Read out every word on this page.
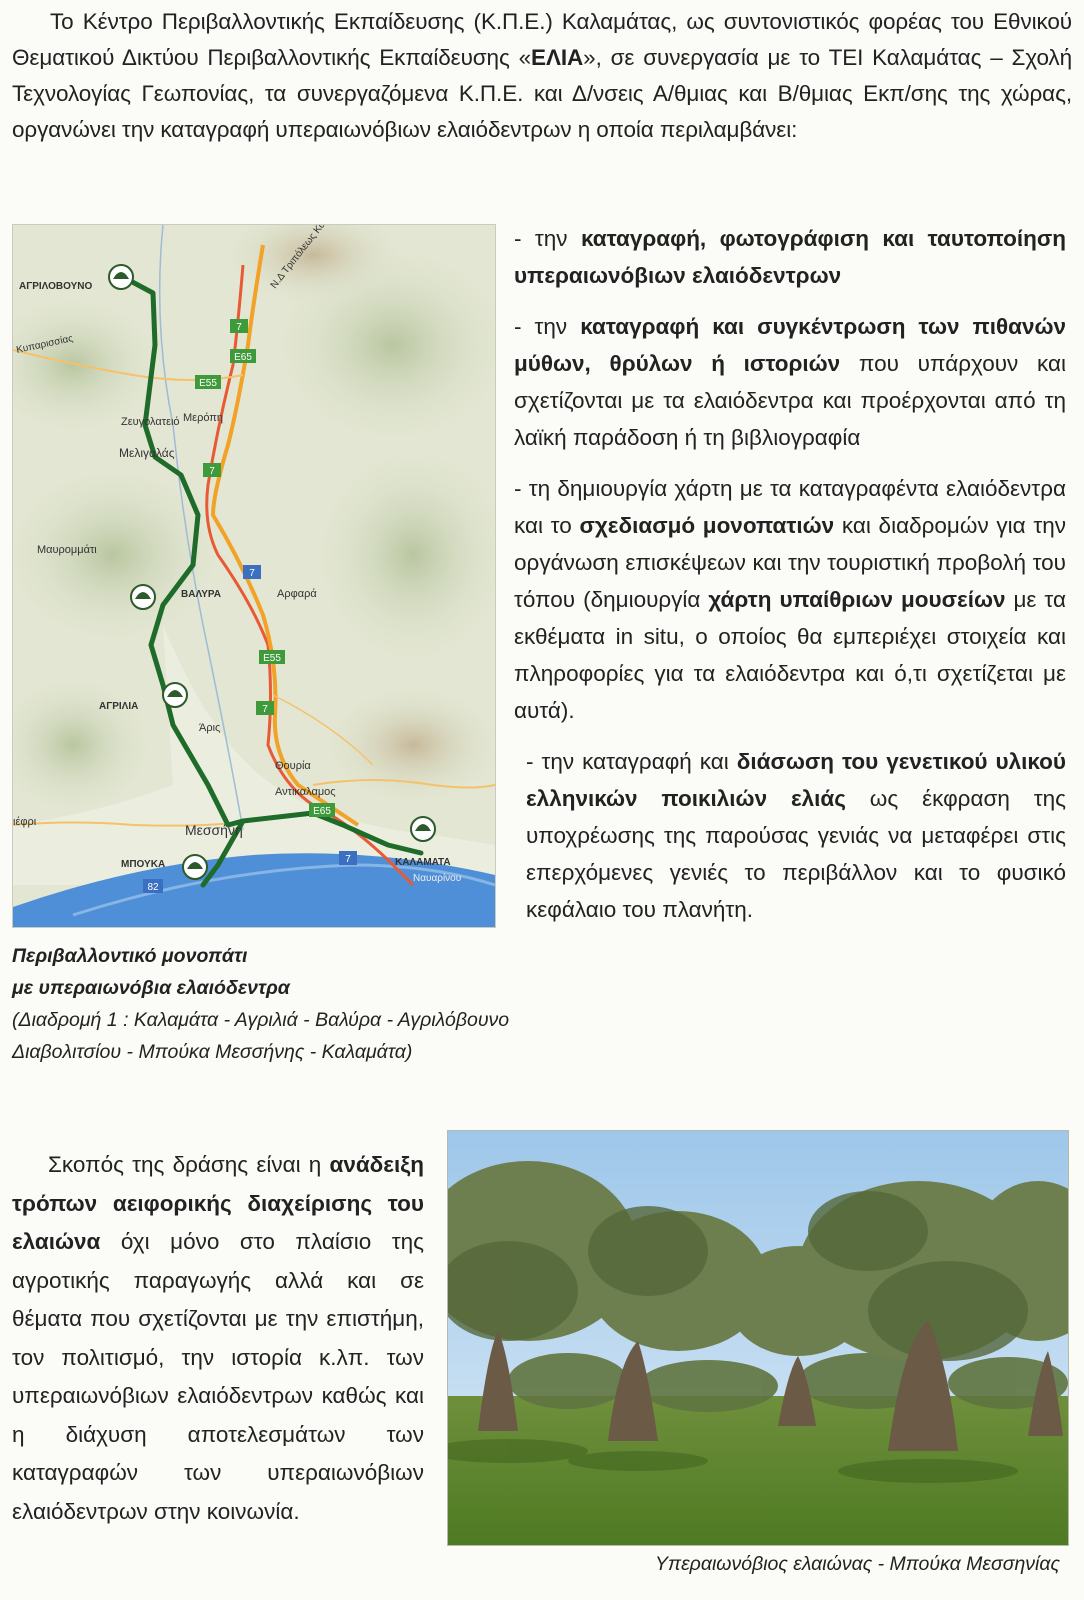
Το Κέντρο Περιβαλλοντικής Εκπαίδευσης (Κ.Π.Ε.) Καλαμάτας, ως συντονιστικός φορέας του Εθνικού Θεματικού Δικτύου Περιβαλλοντικής Εκπαίδευσης «ΕΛΙΑ», σε συνεργασία με το ΤΕΙ Καλαμάτας – Σχολή Τεχνολογίας Γεωπονίας, τα συνεργαζόμενα Κ.Π.Ε. και Δ/νσεις Α/θμιας και Β/θμιας Εκπ/σης της χώρας, οργανώνει την καταγραφή υπεραιωνόβιων ελαιόδεντρων η οποία περιλαμβάνει:

7
7
7
7
7
E65
E65
E55
E55
82
ΑΓΡΙΛΟΒΟΥΝΟ
ΒΑΛΥΡΑ
ΑΓΡΙΛΙΑ
ΜΠΟΥΚΑ	ΚΑΛΑΜΑΤΑ
Ζευγολατειό Μερόπη
Μελιγαλάς
Μαυρομμάτι
Αρφαρά
Άρις
Θουρία
Αντικαλαμος
Μεσσήνη
ιέφρι
Ναυαρίνου
Κυπαρισσίας
Περιβαλλοντικό μονοπάτι
με υπεραιωνόβια ελαιόδεντρα
(Διαδρομή 1 : Καλαμάτα - Αγριλιά - Βαλύρα - Αγριλόβουνο
Διαβολιτσίου - Μπούκα Μεσσήνης - Καλαμάτα)

- την καταγραφή, φωτογράφιση και ταυτοποίηση υπεραιωνόβιων ελαιόδεντρων

- την καταγραφή και συγκέντρωση των πιθανών μύθων, θρύλων ή ιστοριών που υπάρχουν και σχετίζονται με τα ελαιόδεντρα και προέρχονται από τη λαϊκή παράδοση ή τη βιβλιογραφία

- τη δημιουργία χάρτη με τα καταγραφέντα ελαιόδεντρα και το σχεδιασμό μονοπατιών και διαδρομών για την οργάνωση επισκέψεων και την τουριστική προβολή του τόπου (δημιουργία χάρτη υπαίθριων μουσείων με τα εκθέματα in situ, ο οποίος θα εμπεριέχει στοιχεία και πληροφορίες για τα ελαιόδεντρα και ό,τι σχετίζεται με αυτά).

- την καταγραφή και διάσωση του γενετικού υλικού ελληνικών ποικιλιών ελιάς ως έκφραση της υποχρέωσης της παρούσας γενιάς να μεταφέρει στις επερχόμενες γενιές το περιβάλλον και το φυσικό κεφάλαιο του πλανήτη.

Σκοπός της δράσης είναι η ανάδειξη τρόπων αειφορικής διαχείρισης του ελαιώνα όχι μόνο στο πλαίσιο της αγροτικής παραγωγής αλλά και σε θέματα που σχετίζονται με την επιστήμη, τον πολιτισμό, την ιστορία κ.λπ. των υπεραιωνόβιων ελαιόδεντρων καθώς και η διάχυση αποτελεσμάτων των καταγραφών των υπεραιωνόβιων ελαιόδεντρων στην κοινωνία.

Υπεραιωνόβιος ελαιώνας - Μπούκα Μεσσηνίας
